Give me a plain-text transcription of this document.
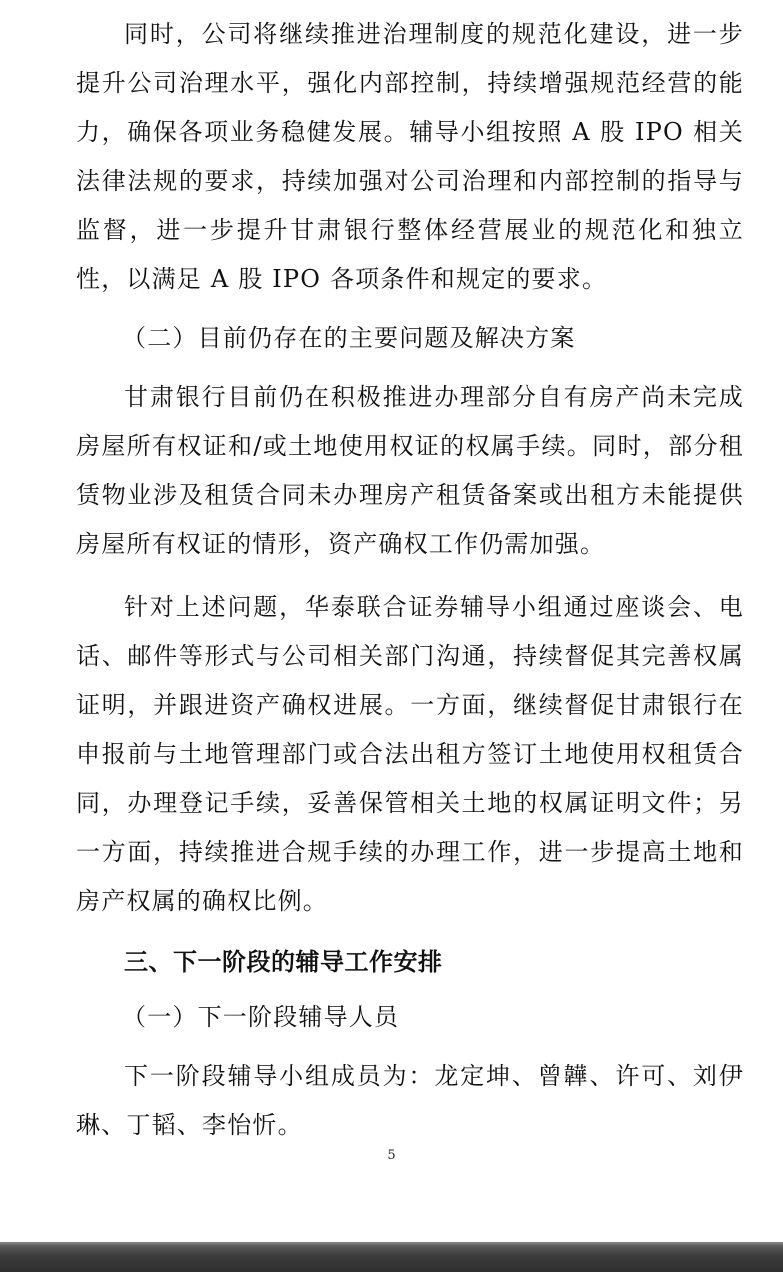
同时，公司将继续推进治理制度的规范化建设，进一步提升公司治理水平，强化内部控制，持续增强规范经营的能力，确保各项业务稳健发展。辅导小组按照 A 股 IPO 相关法律法规的要求，持续加强对公司治理和内部控制的指导与监督，进一步提升甘肃银行整体经营展业的规范化和独立性，以满足 A 股 IPO 各项条件和规定的要求。

（二）目前仍存在的主要问题及解决方案

甘肃银行目前仍在积极推进办理部分自有房产尚未完成房屋所有权证和/或土地使用权证的权属手续。同时，部分租赁物业涉及租赁合同未办理房产租赁备案或出租方未能提供房屋所有权证的情形，资产确权工作仍需加强。

针对上述问题，华泰联合证券辅导小组通过座谈会、电话、邮件等形式与公司相关部门沟通，持续督促其完善权属证明，并跟进资产确权进展。一方面，继续督促甘肃银行在申报前与土地管理部门或合法出租方签订土地使用权租赁合同，办理登记手续，妥善保管相关土地的权属证明文件；另一方面，持续推进合规手续的办理工作，进一步提高土地和房产权属的确权比例。

三、下一阶段的辅导工作安排

（一）下一阶段辅导人员

下一阶段辅导小组成员为：龙定坤、曾韡、许可、刘伊琳、丁韬、李怡忻。

5
